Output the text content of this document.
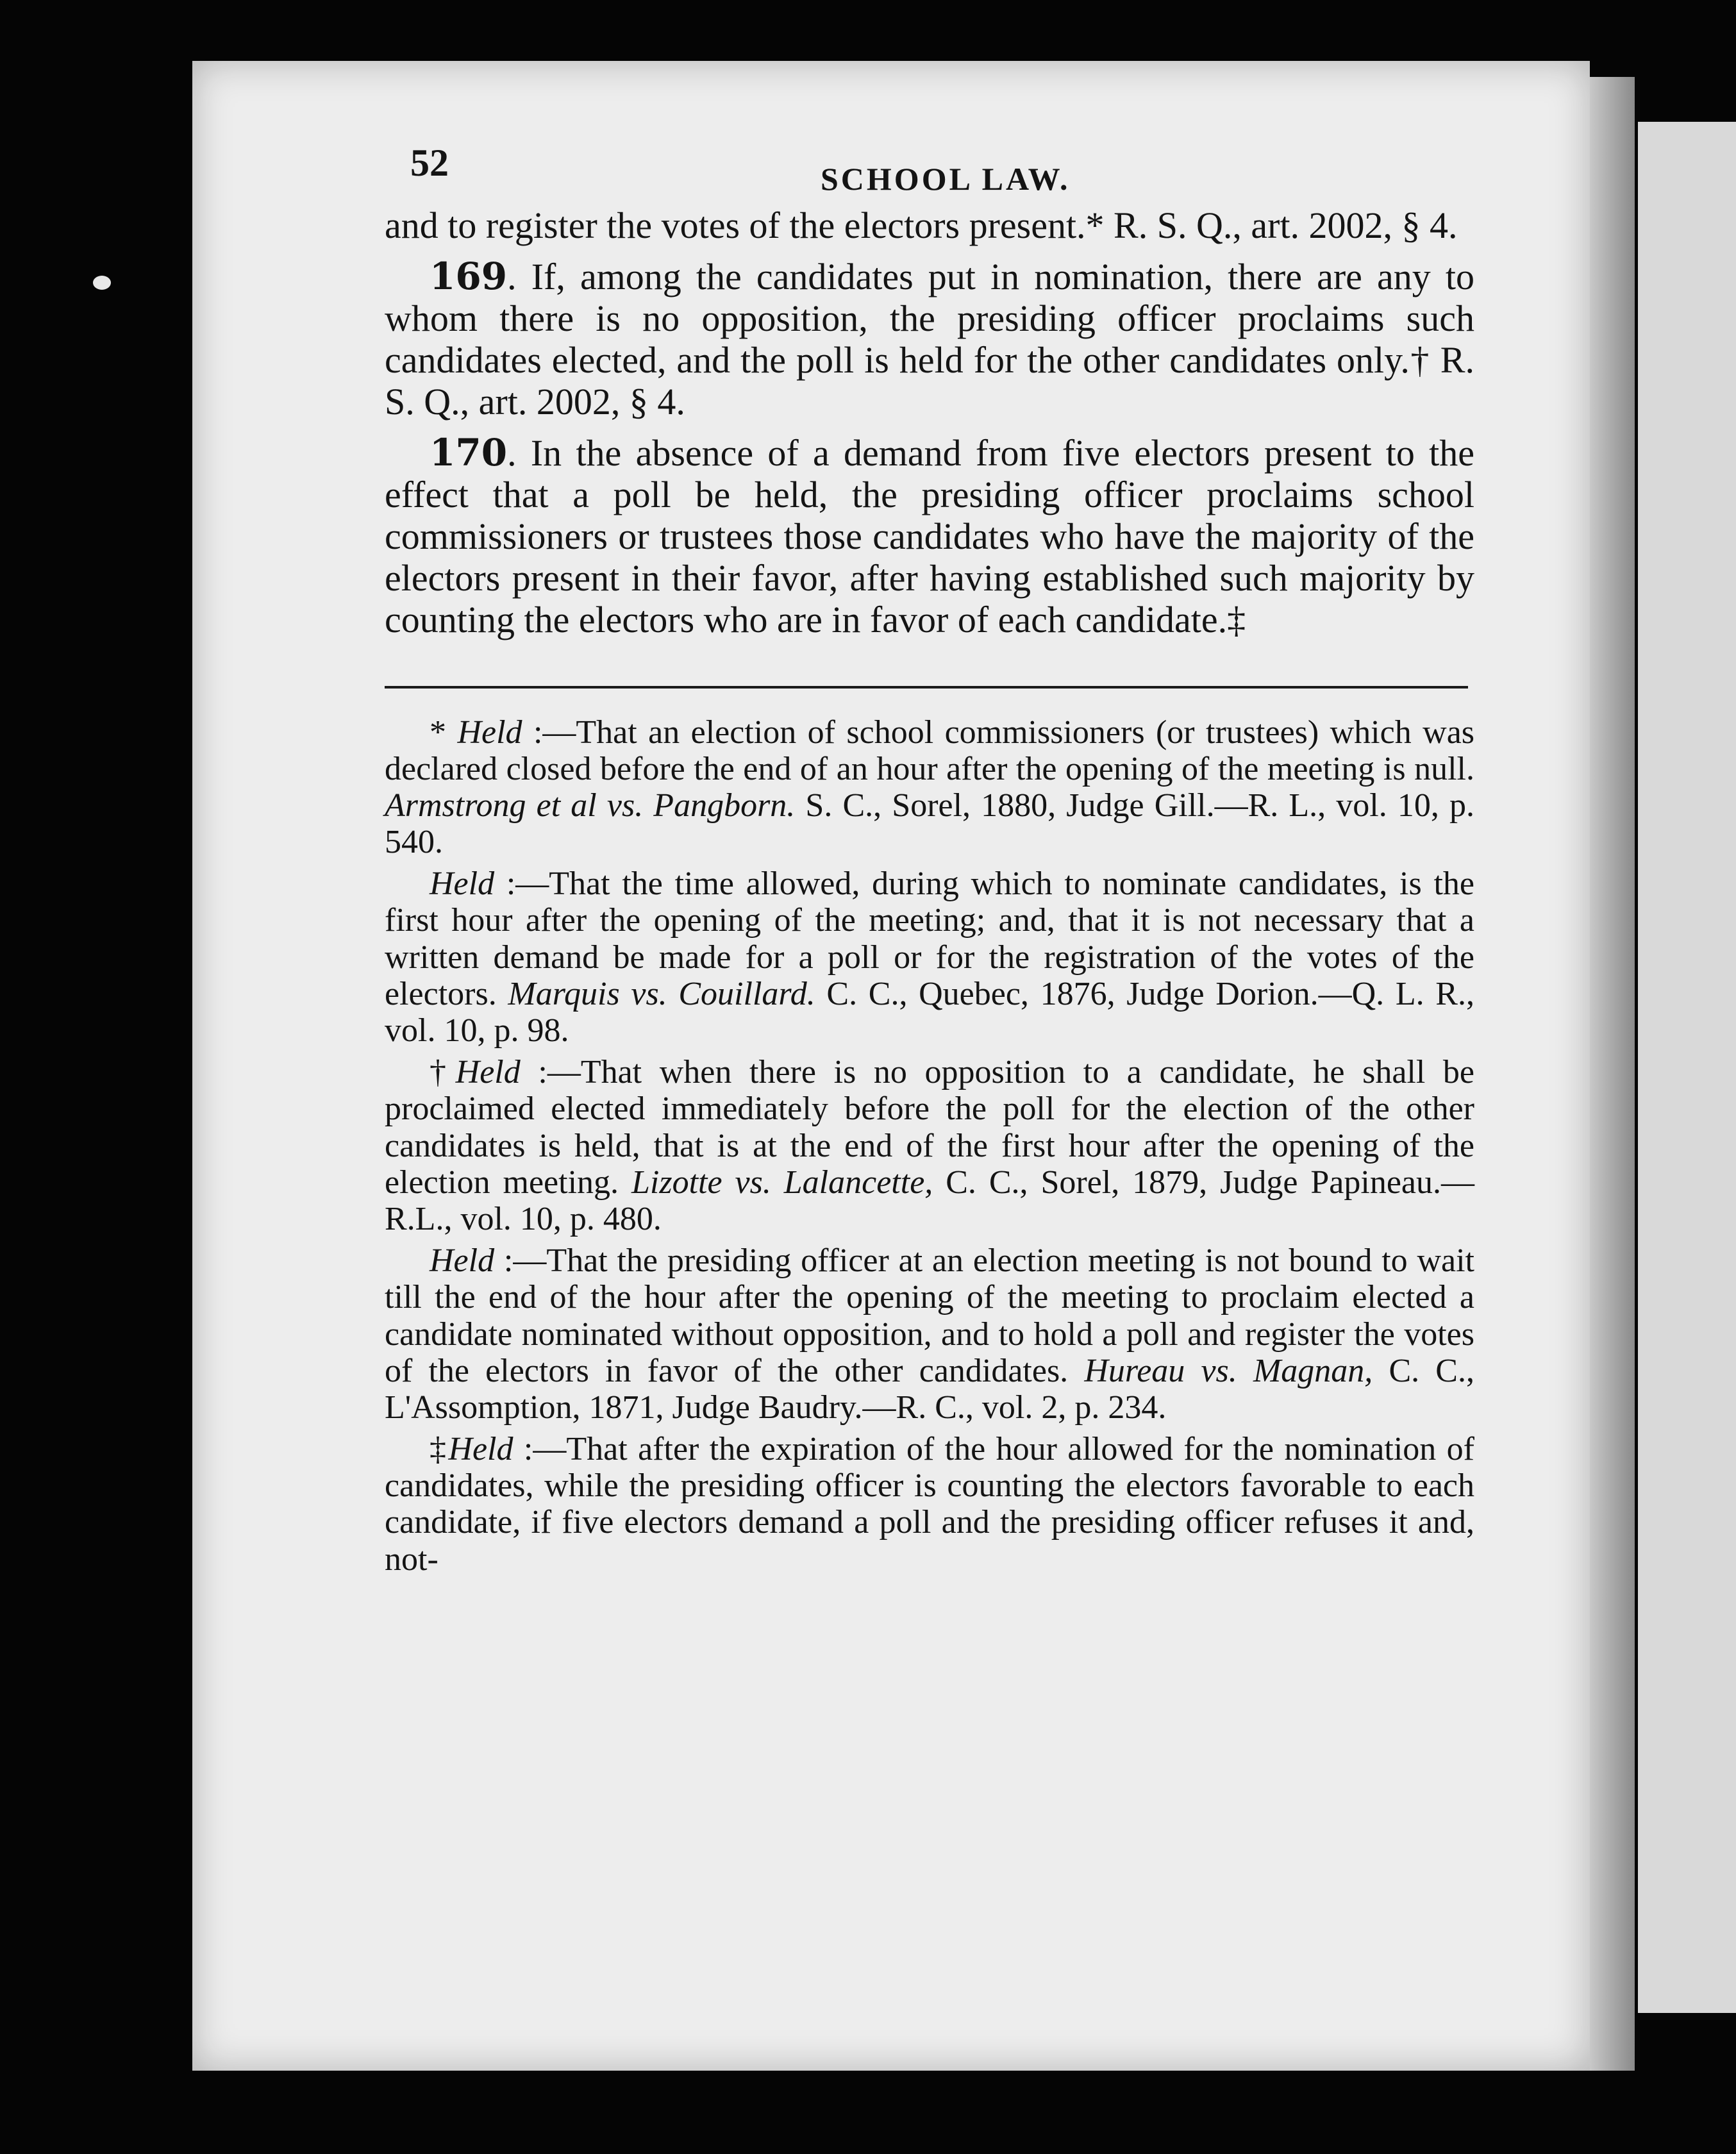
52	SCHOOL LAW.

and to register the votes of the electors present.* R. S. Q., art. 2002, § 4.

169. If, among the candidates put in nomination, there are any to whom there is no opposition, the presiding officer proclaims such candidates elected, and the poll is held for the other candidates only.† R. S. Q., art. 2002, § 4.

170. In the absence of a demand from five electors present to the effect that a poll be held, the presiding officer proclaims school commissioners or trustees those candidates who have the majority of the electors present in their favor, after having established such majority by counting the electors who are in favor of each candidate.‡

* Held :—That an election of school commissioners (or trustees) which was declared closed before the end of an hour after the opening of the meeting is null. Armstrong et al vs. Pangborn. S. C., Sorel, 1880, Judge Gill.—R. L., vol. 10, p. 540.

Held :—That the time allowed, during which to nominate candidates, is the first hour after the opening of the meeting; and, that it is not necessary that a written demand be made for a poll or for the registration of the votes of the electors. Marquis vs. Couillard. C. C., Quebec, 1876, Judge Dorion.—Q. L. R., vol. 10, p. 98.

†Held :—That when there is no opposition to a candidate, he shall be proclaimed elected immediately before the poll for the election of the other candidates is held, that is at the end of the first hour after the opening of the election meeting. Lizotte vs. Lalancette, C. C., Sorel, 1879, Judge Papineau.—R.L., vol. 10, p. 480.

Held :—That the presiding officer at an election meeting is not bound to wait till the end of the hour after the opening of the meeting to proclaim elected a candidate nominated without opposition, and to hold a poll and register the votes of the electors in favor of the other candidates. Hureau vs. Magnan, C. C., L'Assomption, 1871, Judge Baudry.—R. C., vol. 2, p. 234.

‡Held :—That after the expiration of the hour allowed for the nomination of candidates, while the presiding officer is counting the electors favorable to each candidate, if five electors demand a poll and the presiding officer refuses it and, not-
